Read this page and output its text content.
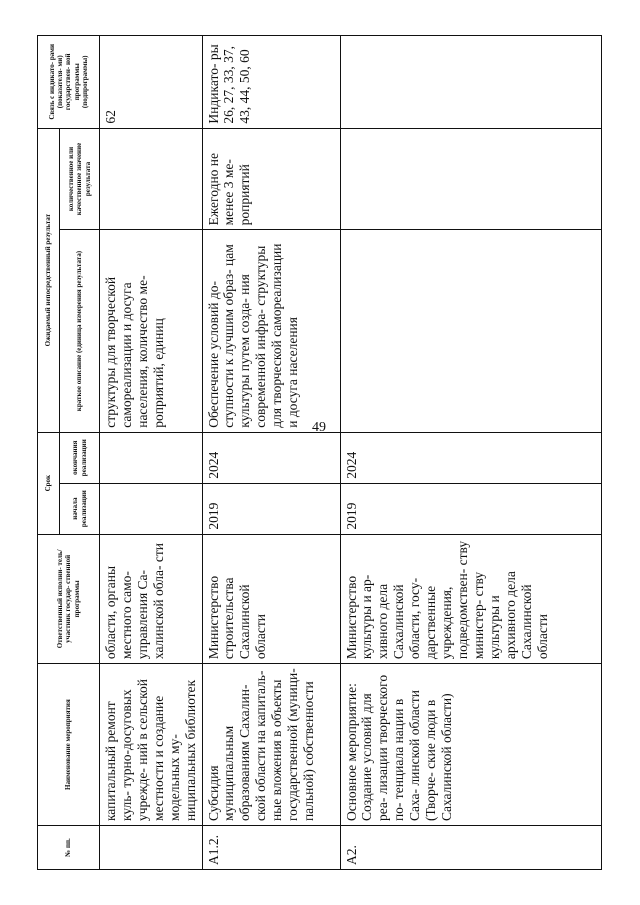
49
№ пп.	Наименование мероприятия	Ответственный исполни- тель/участник государ- ственной программы	Срок		Ожидаемый непосредственный результат		Связь с индикато- рами (показателя- ми) государствен- ной программы (подпрограммы)
			начала реализации	окончания реализации	краткое описание (единица измерения результата)	количественное или качественное значение результата	
	капитальный ремонт куль- турно-досуговых учрежде- ний в сельской местности и создание модельных му- ниципальных библиотек	области, органы местного само- управления Са- халинской обла- сти			структуры для творческой самореализации и досуга населения, количество ме- роприятий, единиц		62
А1.2.	Субсидия муниципальным образованиям Сахалин- ской области на капиталь- ные вложения в объекты государственной (муници- пальной) собственности	Министерство строительства Сахалинской области	2019	2024	Обеспечение условий до- ступности к лучшим образ- цам культуры путем созда- ния современной инфра- структуры для творческой самореализации и досуга населения	Ежегодно не менее 3 ме- роприятий	Индикато- ры 26, 27, 33, 37, 43, 44, 50, 60
А2.	Основное мероприятие: Создание условий для реа- лизации творческого по- тенциала нации в Саха- линской области (Творче- ские люди в Сахалинской области)	Министерство культуры и ар- хивного дела Сахалинской области, госу- дарственные учреждения, подведомствен- ству министер- ству культуры и архивного дела Сахалинской области	2019	2024			
